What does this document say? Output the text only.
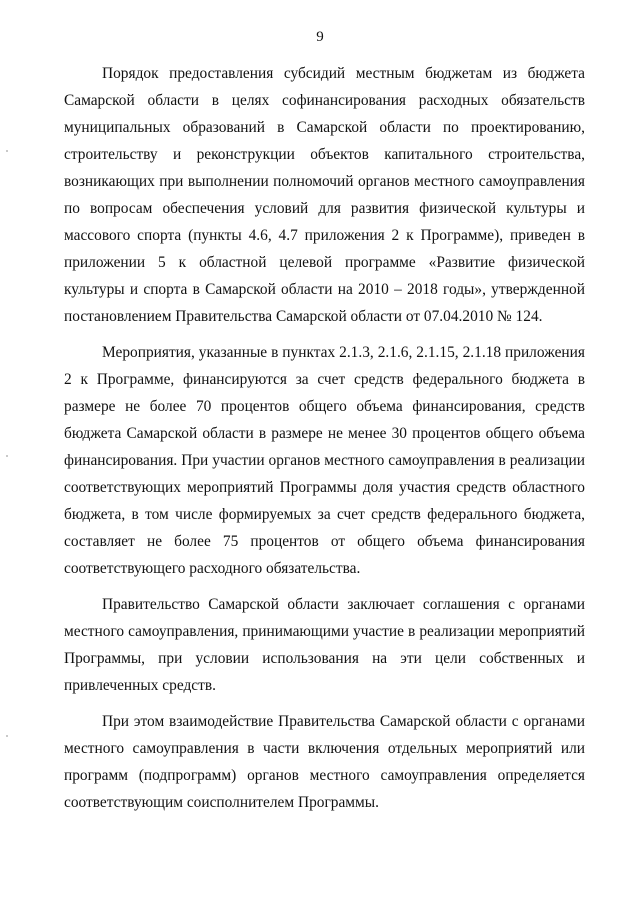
9

Порядок предоставления субсидий местным бюджетам из бюджета Самарской области в целях софинансирования расходных обязательств муниципальных образований в Самарской области по проектированию, строительству и реконструкции объектов капитального строительства, возникающих при выполнении полномочий органов местного самоуправления по вопросам обеспечения условий для развития физической культуры и массового спорта (пункты 4.6, 4.7 приложения 2 к Программе), приведен в приложении 5 к областной целевой программе «Развитие физической культуры и спорта в Самарской области на 2010 – 2018 годы», утвержденной постановлением Правительства Самарской области от 07.04.2010 № 124.

Мероприятия, указанные в пунктах 2.1.3, 2.1.6, 2.1.15, 2.1.18 приложения 2 к Программе, финансируются за счет средств федерального бюджета в размере не более 70 процентов общего объема финансирования, средств бюджета Самарской области в размере не менее 30 процентов общего объема финансирования. При участии органов местного самоуправления в реализации соответствующих мероприятий Программы доля участия средств областного бюджета, в том числе формируемых за счет средств федерального бюджета, составляет не более 75 процентов от общего объема финансирования соответствующего расходного обязательства.

Правительство Самарской области заключает соглашения с органами местного самоуправления, принимающими участие в реализации мероприятий Программы, при условии использования на эти цели собственных и привлеченных средств.

При этом взаимодействие Правительства Самарской области с органами местного самоуправления в части включения отдельных мероприятий или программ (подпрограмм) органов местного самоуправления определяется соответствующим соисполнителем Программы.
